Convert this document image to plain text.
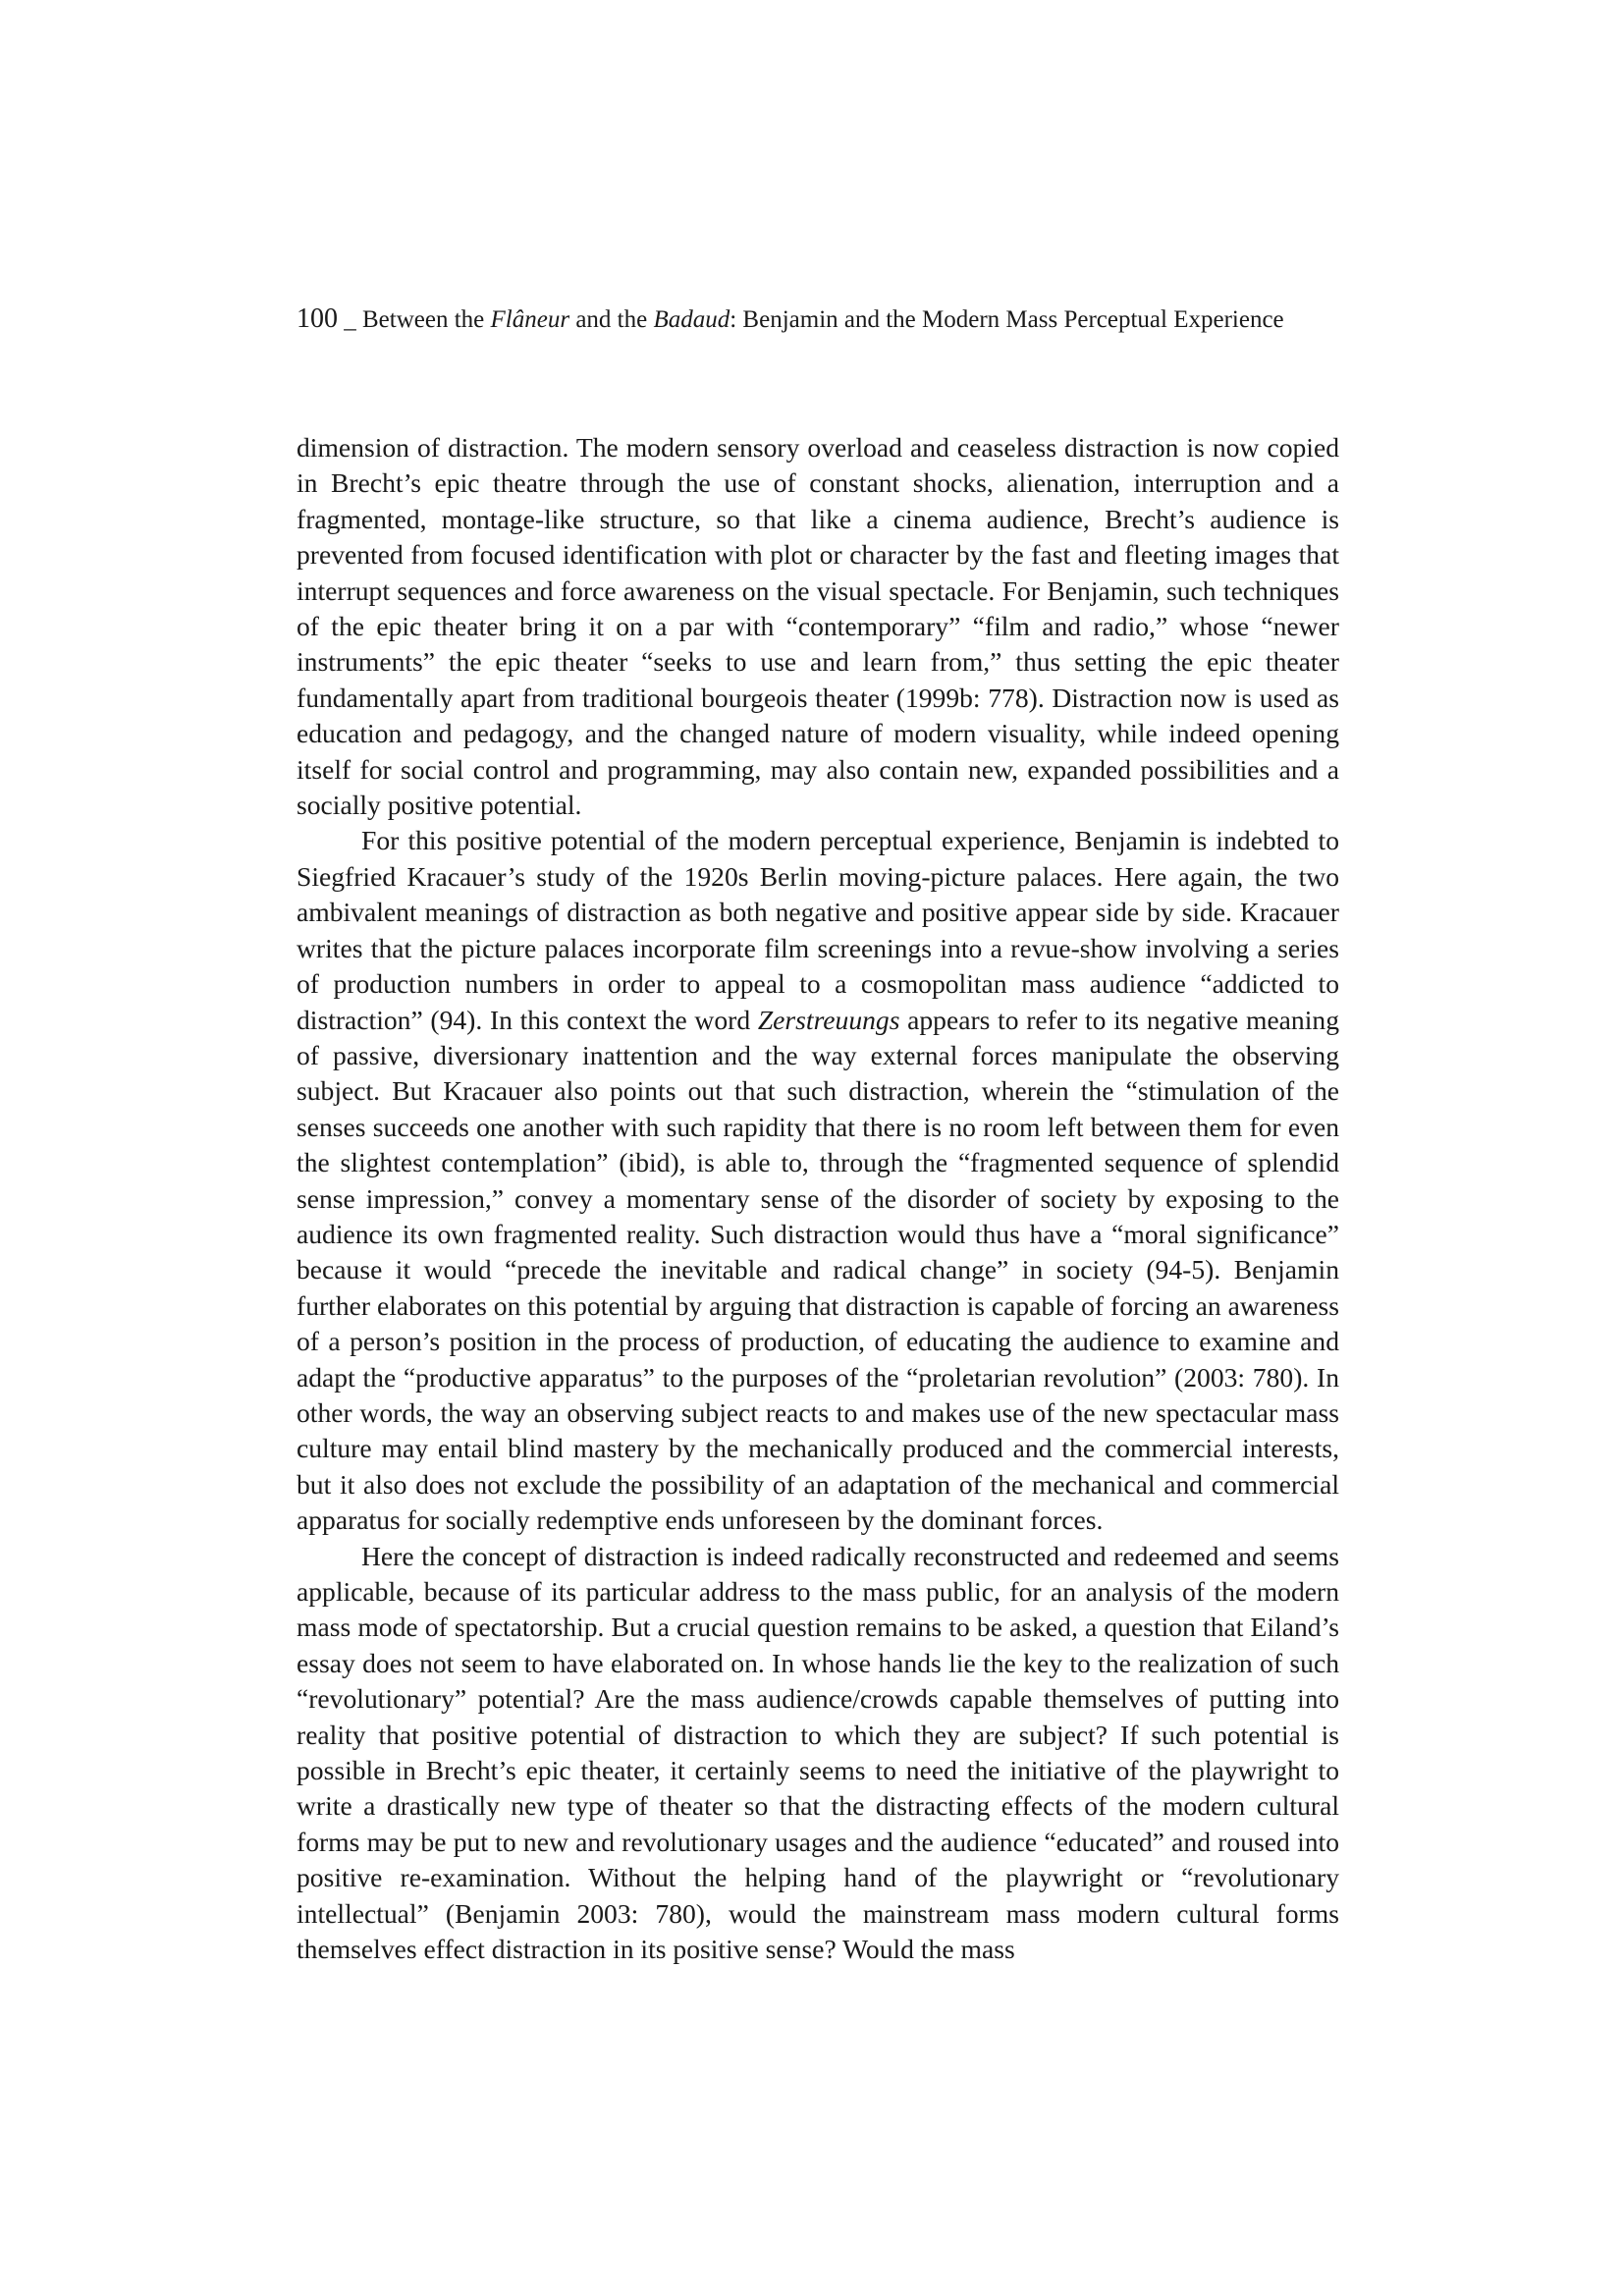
100 _ Between the Flâneur and the Badaud: Benjamin and the Modern Mass Perceptual Experience

dimension of distraction. The modern sensory overload and ceaseless distraction is now copied in Brecht’s epic theatre through the use of constant shocks, alienation, interruption and a fragmented, montage-like structure, so that like a cinema audience, Brecht’s audience is prevented from focused identification with plot or character by the fast and fleeting images that interrupt sequences and force awareness on the visual spectacle. For Benjamin, such techniques of the epic theater bring it on a par with “contemporary” “film and radio,” whose “newer instruments” the epic theater “seeks to use and learn from,” thus setting the epic theater fundamentally apart from traditional bourgeois theater (1999b: 778). Distraction now is used as education and pedagogy, and the changed nature of modern visuality, while indeed opening itself for social control and programming, may also contain new, expanded possibilities and a socially positive potential.

For this positive potential of the modern perceptual experience, Benjamin is indebted to Siegfried Kracauer’s study of the 1920s Berlin moving-picture palaces. Here again, the two ambivalent meanings of distraction as both negative and positive appear side by side. Kracauer writes that the picture palaces incorporate film screenings into a revue-show involving a series of production numbers in order to appeal to a cosmopolitan mass audience “addicted to distraction” (94). In this context the word Zerstreuungs appears to refer to its negative meaning of passive, diversionary inattention and the way external forces manipulate the observing subject. But Kracauer also points out that such distraction, wherein the “stimulation of the senses succeeds one another with such rapidity that there is no room left between them for even the slightest contemplation” (ibid), is able to, through the “fragmented sequence of splendid sense impression,” convey a momentary sense of the disorder of society by exposing to the audience its own fragmented reality. Such distraction would thus have a “moral significance” because it would “precede the inevitable and radical change” in society (94-5). Benjamin further elaborates on this potential by arguing that distraction is capable of forcing an awareness of a person’s position in the process of production, of educating the audience to examine and adapt the “productive apparatus” to the purposes of the “proletarian revolution” (2003: 780). In other words, the way an observing subject reacts to and makes use of the new spectacular mass culture may entail blind mastery by the mechanically produced and the commercial interests, but it also does not exclude the possibility of an adaptation of the mechanical and commercial apparatus for socially redemptive ends unforeseen by the dominant forces.

Here the concept of distraction is indeed radically reconstructed and redeemed and seems applicable, because of its particular address to the mass public, for an analysis of the modern mass mode of spectatorship. But a crucial question remains to be asked, a question that Eiland’s essay does not seem to have elaborated on. In whose hands lie the key to the realization of such “revolutionary” potential? Are the mass audience/crowds capable themselves of putting into reality that positive potential of distraction to which they are subject? If such potential is possible in Brecht’s epic theater, it certainly seems to need the initiative of the playwright to write a drastically new type of theater so that the distracting effects of the modern cultural forms may be put to new and revolutionary usages and the audience “educated” and roused into positive re-examination. Without the helping hand of the playwright or “revolutionary intellectual” (Benjamin 2003: 780), would the mainstream mass modern cultural forms themselves effect distraction in its positive sense? Would the mass
